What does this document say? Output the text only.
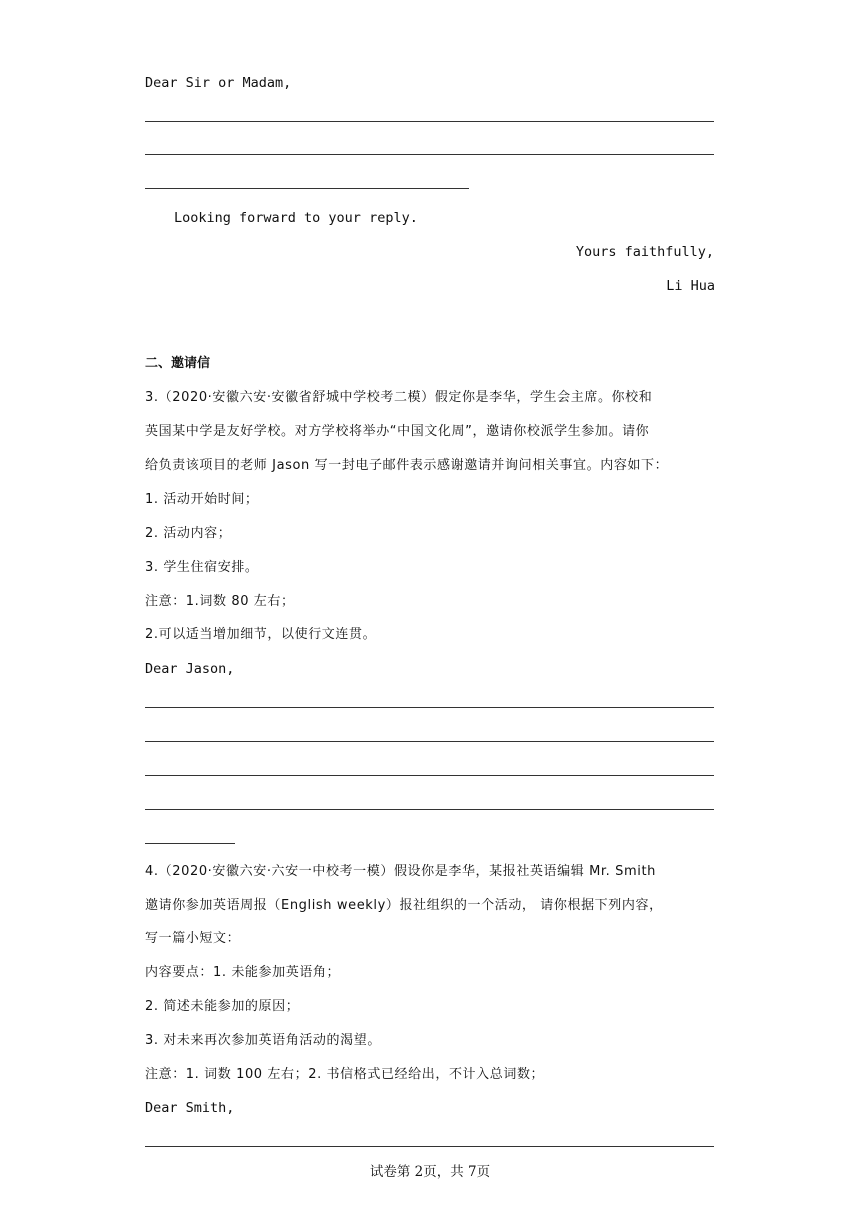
Dear Sir or Madam,
Looking forward to your reply.
Yours faithfully,
Li Hua
二、邀请信
3.（2020·安徽六安·安徽省舒城中学校考二模）假定你是李华，学生会主席。你校和
英国某中学是友好学校。对方学校将举办“中国文化周”，邀请你校派学生参加。请你
给负责该项目的老师 Jason 写一封电子邮件表示感谢邀请并询问相关事宜。内容如下：
1. 活动开始时间；
2. 活动内容；
3. 学生住宿安排。
注意：1.词数 80 左右；
2.可以适当增加细节，以使行文连贯。
Dear Jason,
4.（2020·安徽六安·六安一中校考一模）假设你是李华，某报社英语编辑 Mr. Smith
邀请你参加英语周报（English weekly）报社组织的一个活动， 请你根据下列内容，
写一篇小短文：
内容要点：1. 未能参加英语角；
2. 简述未能参加的原因；
3. 对未来再次参加英语角活动的渴望。
注意：1. 词数 100 左右；2. 书信格式已经给出，不计入总词数；
Dear Smith,
试卷第 2页，共 7页
